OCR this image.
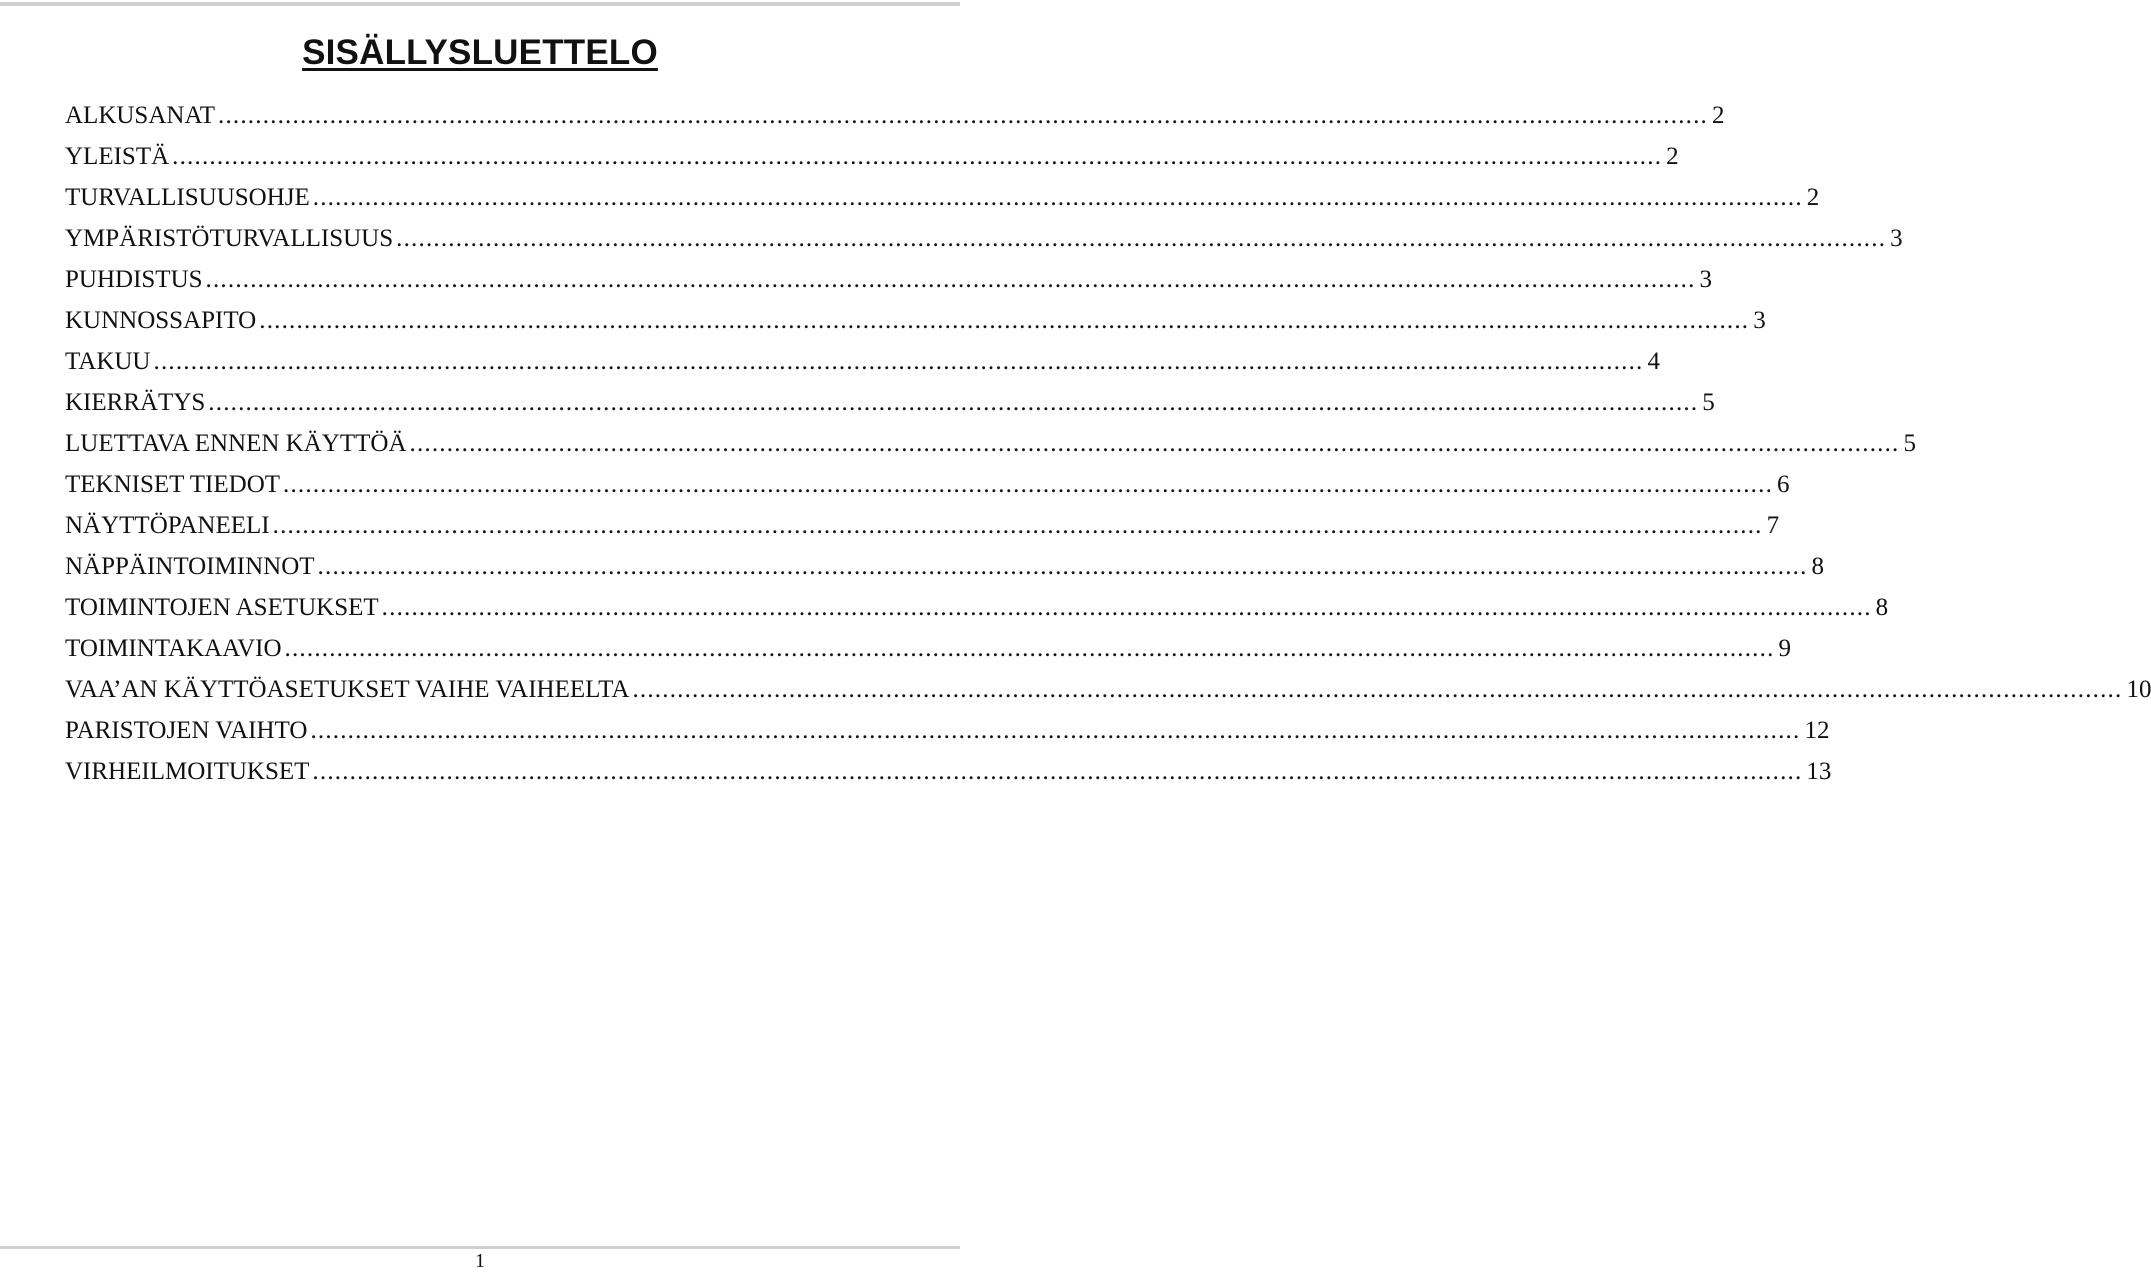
SISÄLLYSLUETTELO
ALKUSANAT ........................................................................................................................................................................................................ 2
YLEISTÄ ........................................................................................................................................................................................................ 2
TURVALLISUUSOHJE ........................................................................................................................................................................................................ 2
YMPÄRISTÖTURVALLISUUS ........................................................................................................................................................................................................ 3
PUHDISTUS ........................................................................................................................................................................................................ 3
KUNNOSSAPITO ........................................................................................................................................................................................................ 3
TAKUU ........................................................................................................................................................................................................ 4
KIERRÄTYS ........................................................................................................................................................................................................ 5
LUETTAVA ENNEN KÄYTTÖÄ ........................................................................................................................................................................................................ 5
TEKNISET TIEDOT ........................................................................................................................................................................................................ 6
NÄYTTÖPANEELI ........................................................................................................................................................................................................ 7
NÄPPÄINTOIMINNOT ........................................................................................................................................................................................................ 8
TOIMINTOJEN ASETUKSET ........................................................................................................................................................................................................ 8
TOIMINTAKAAVIO ........................................................................................................................................................................................................ 9
VAA’AN KÄYTTÖASETUKSET VAIHE VAIHEELTA ........................................................................................................................................................................................................ 10
PARISTOJEN VAIHTO ........................................................................................................................................................................................................ 12
VIRHEILMOITUKSET ........................................................................................................................................................................................................ 13
1
